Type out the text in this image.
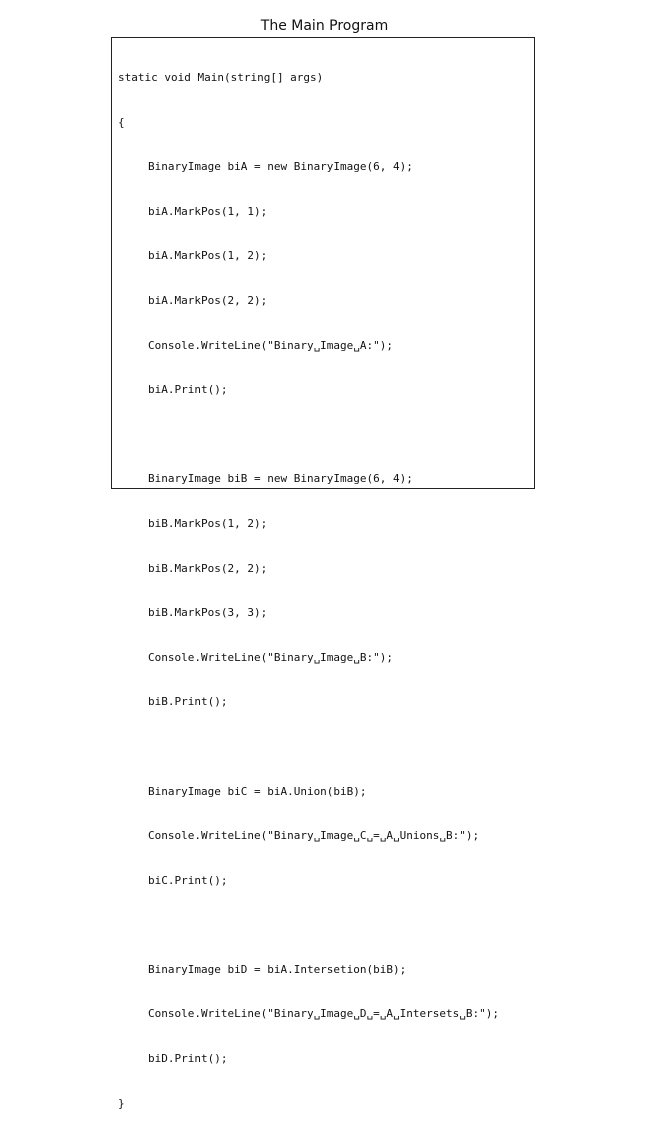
The Main Program

static void Main(string[] args)

{

BinaryImage biA = new BinaryImage(6, 4);

biA.MarkPos(1, 1);

biA.MarkPos(1, 2);

biA.MarkPos(2, 2);

Console.WriteLine("Binary␣Image␣A:");

biA.Print();

BinaryImage biB = new BinaryImage(6, 4);

biB.MarkPos(1, 2);

biB.MarkPos(2, 2);

biB.MarkPos(3, 3);

Console.WriteLine("Binary␣Image␣B:");

biB.Print();

BinaryImage biC = biA.Union(biB);

Console.WriteLine("Binary␣Image␣C␣=␣A␣Unions␣B:");

biC.Print();

BinaryImage biD = biA.Intersetion(biB);

Console.WriteLine("Binary␣Image␣D␣=␣A␣Intersets␣B:");

biD.Print();

}
